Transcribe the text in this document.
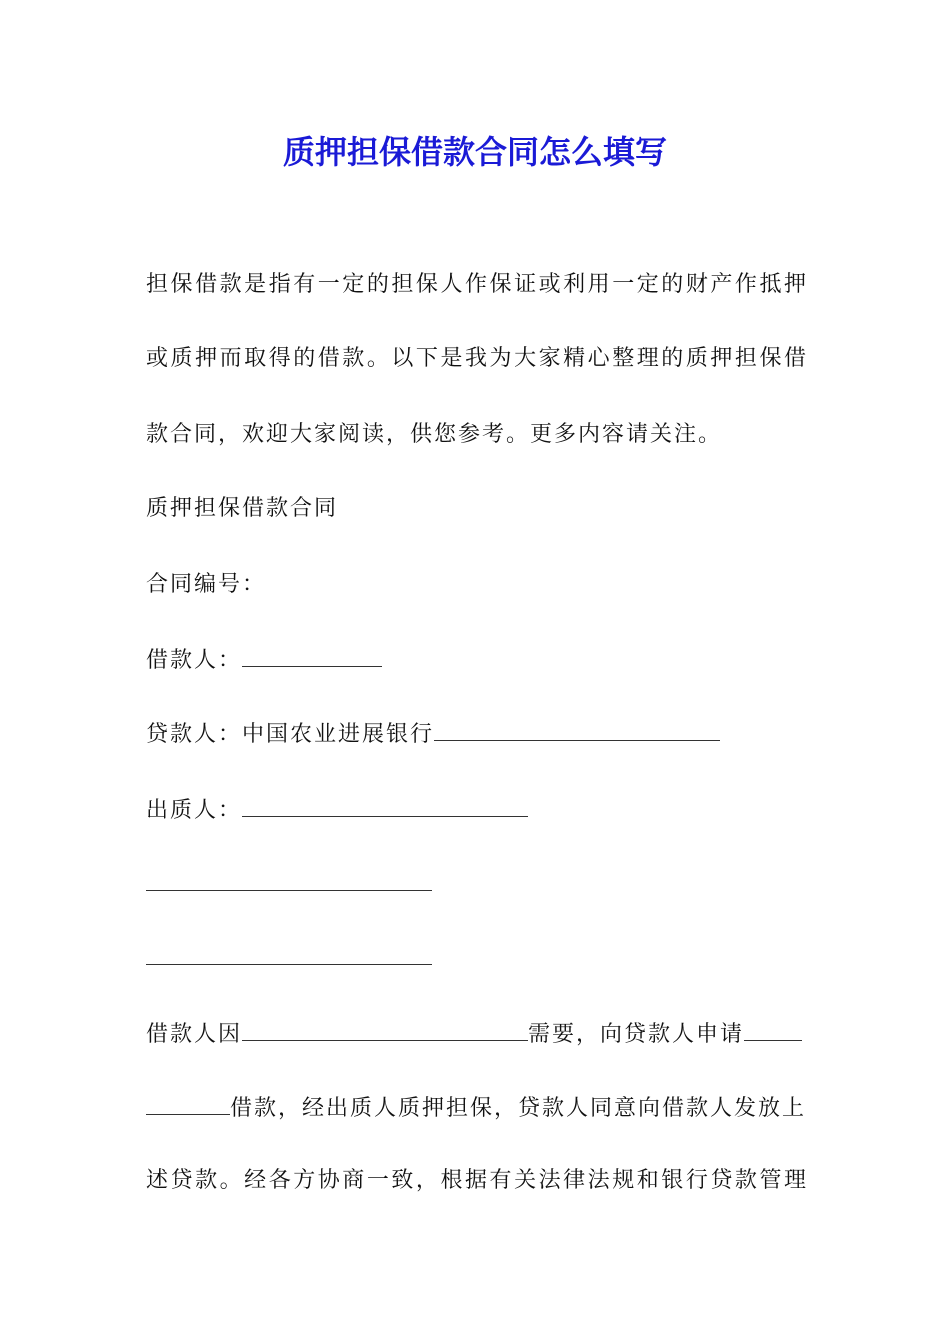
质押担保借款合同怎么填写
担保借款是指有一定的担保人作保证或利用一定的财产作抵押
或质押而取得的借款。以下是我为大家精心整理的质押担保借
款合同，欢迎大家阅读，供您参考。更多内容请关注。
质押担保借款合同
合同编号：
借款人：
贷款人：中国农业进展银行
出质人：
借款人因	需要，向贷款人申请
借款，经出质人质押担保，贷款人同意向借款人发放上
述贷款。经各方协商一致，根据有关法律法规和银行贷款管理
